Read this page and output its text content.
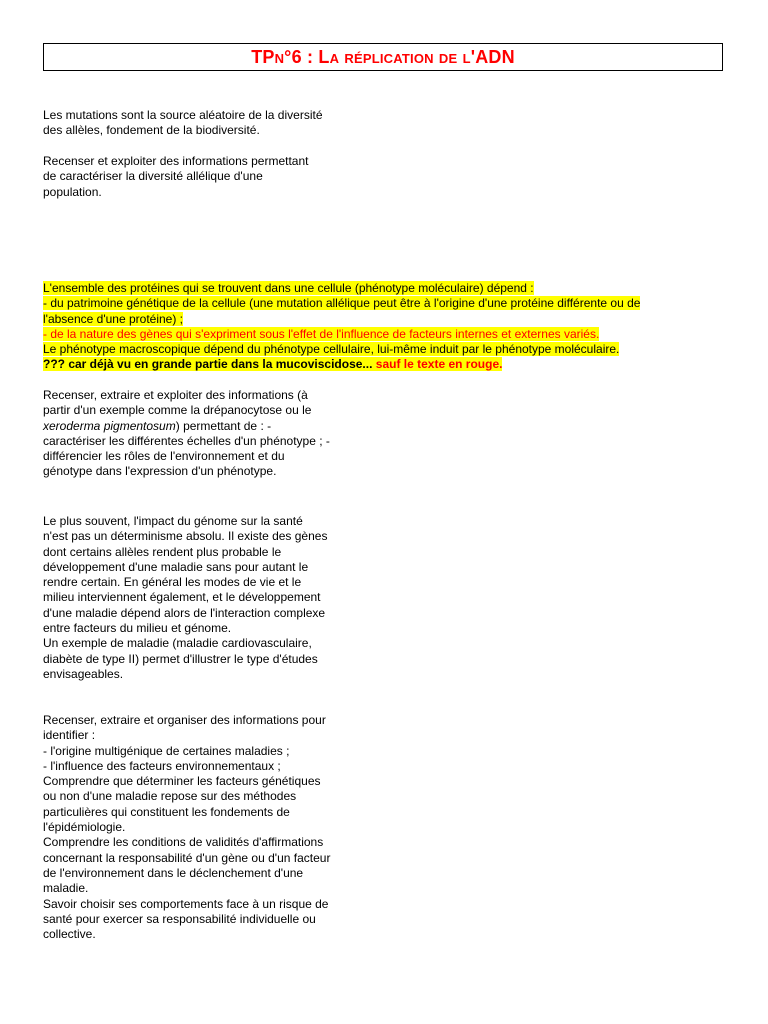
TP n°6 : La réplication de l' ADN

Les mutations sont la source aléatoire de la diversité
des allèles, fondement de la biodiversité.

Recenser et exploiter des informations permettant
de caractériser la diversité allélique d'une
population.

L'ensemble des protéines qui se trouvent dans une cellule (phénotype moléculaire) dépend :
- du patrimoine génétique de la cellule (une mutation allélique peut être à l'origine d'une protéine différente ou de
l'absence d'une protéine) ;
- de la nature des gènes qui s'expriment sous l'effet de l'influence de facteurs internes et externes variés.
Le phénotype macroscopique dépend du phénotype cellulaire, lui-même induit par le phénotype moléculaire.
??? car déjà vu en grande partie dans la mucoviscidose... sauf le texte en rouge.

Recenser, extraire et exploiter des informations (à
partir d'un exemple comme la drépanocytose ou le
xeroderma pigmentosum) permettant de : -
caractériser les différentes échelles d'un phénotype ; -
différencier les rôles de l'environnement et du
génotype dans l'expression d'un phénotype.

Le plus souvent, l'impact du génome sur la santé
n'est pas un déterminisme absolu. Il existe des gènes
dont certains allèles rendent plus probable le
développement d'une maladie sans pour autant le
rendre certain. En général les modes de vie et le
milieu interviennent également, et le développement
d'une maladie dépend alors de l'interaction complexe
entre facteurs du milieu et génome.
Un exemple de maladie (maladie cardiovasculaire,
diabète de type II) permet d'illustrer le type d'études
envisageables.

Recenser, extraire et organiser des informations pour
identifier :
- l'origine multigénique de certaines maladies ;
- l'influence des facteurs environnementaux ;
Comprendre que déterminer les facteurs génétiques
ou non d'une maladie repose sur des méthodes
particulières qui constituent les fondements de
l'épidémiologie.
Comprendre les conditions de validités d'affirmations
concernant la responsabilité d'un gène ou d'un facteur
de l'environnement dans le déclenchement d'une
maladie.
Savoir choisir ses comportements face à un risque de
santé pour exercer sa responsabilité individuelle ou
collective.
